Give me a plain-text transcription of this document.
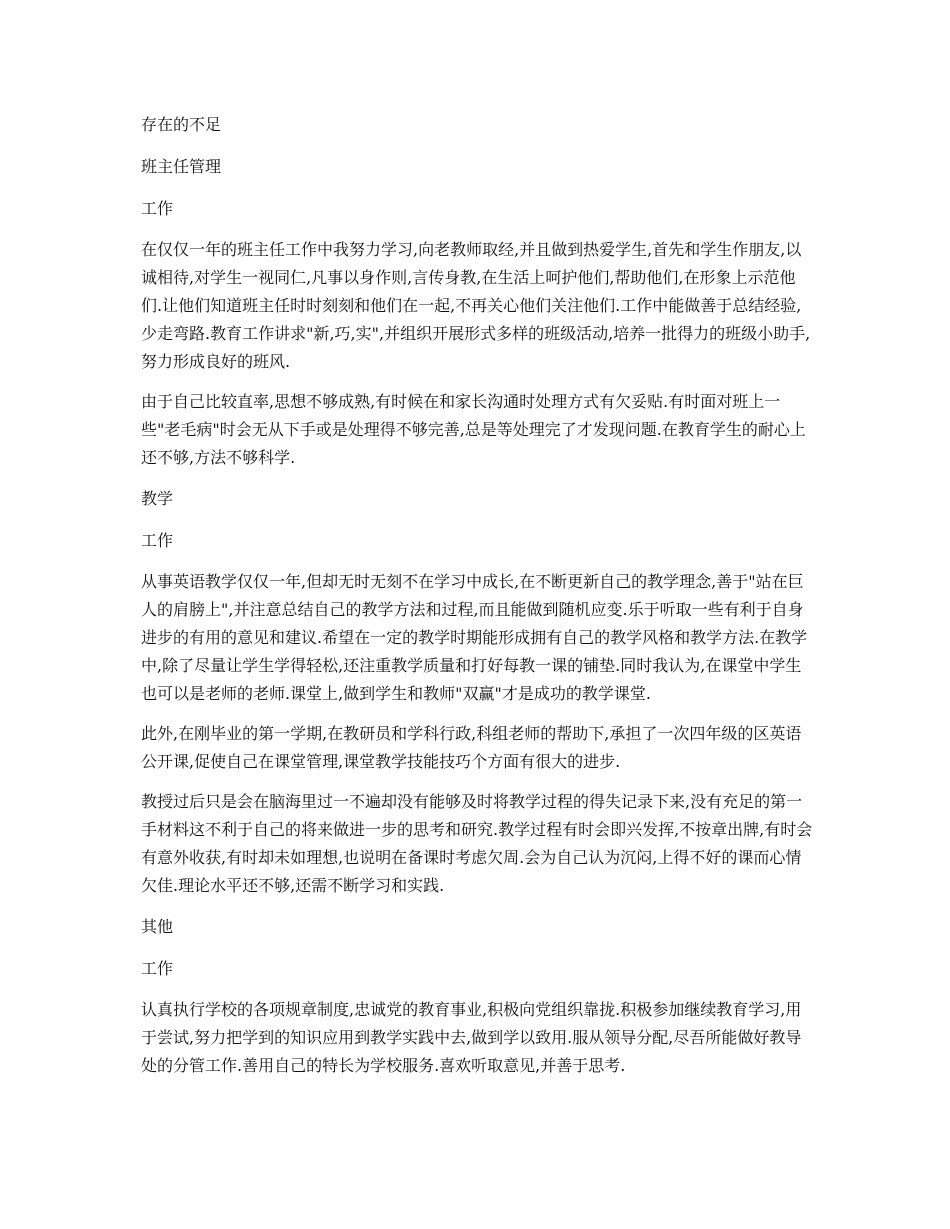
存在的不足
班主任管理
工作

在仅仅一年的班主任工作中我努力学习,向老教师取经,并且做到热爱学生,首先和学生作朋友,以诚相待,对学生一视同仁,凡事以身作则,言传身教,在生活上呵护他们,帮助他们,在形象上示范他们.让他们知道班主任时时刻刻和他们在一起,不再关心他们关注他们.工作中能做善于总结经验,少走弯路.教育工作讲求"新,巧,实",并组织开展形式多样的班级活动,培养一批得力的班级小助手,努力形成良好的班风.

由于自己比较直率,思想不够成熟,有时候在和家长沟通时处理方式有欠妥贴.有时面对班上一些"老毛病"时会无从下手或是处理得不够完善,总是等处理完了才发现问题.在教育学生的耐心上还不够,方法不够科学.

教学
工作

从事英语教学仅仅一年,但却无时无刻不在学习中成长,在不断更新自己的教学理念,善于"站在巨人的肩膀上",并注意总结自己的教学方法和过程,而且能做到随机应变.乐于听取一些有利于自身进步的有用的意见和建议.希望在一定的教学时期能形成拥有自己的教学风格和教学方法.在教学中,除了尽量让学生学得轻松,还注重教学质量和打好每教一课的铺垫.同时我认为,在课堂中学生也可以是老师的老师.课堂上,做到学生和教师"双赢"才是成功的教学课堂.

此外,在刚毕业的第一学期,在教研员和学科行政,科组老师的帮助下,承担了一次四年级的区英语公开课,促使自己在课堂管理,课堂教学技能技巧个方面有很大的进步.

教授过后只是会在脑海里过一不遍却没有能够及时将教学过程的得失记录下来,没有充足的第一手材料这不利于自己的将来做进一步的思考和研究.教学过程有时会即兴发挥,不按章出牌,有时会有意外收获,有时却未如理想,也说明在备课时考虑欠周.会为自己认为沉闷,上得不好的课而心情欠佳.理论水平还不够,还需不断学习和实践.

其他
工作

认真执行学校的各项规章制度,忠诚党的教育事业,积极向党组织靠拢.积极参加继续教育学习,用于尝试,努力把学到的知识应用到教学实践中去,做到学以致用.服从领导分配,尽吾所能做好教导处的分管工作.善用自己的特长为学校服务.喜欢听取意见,并善于思考.
